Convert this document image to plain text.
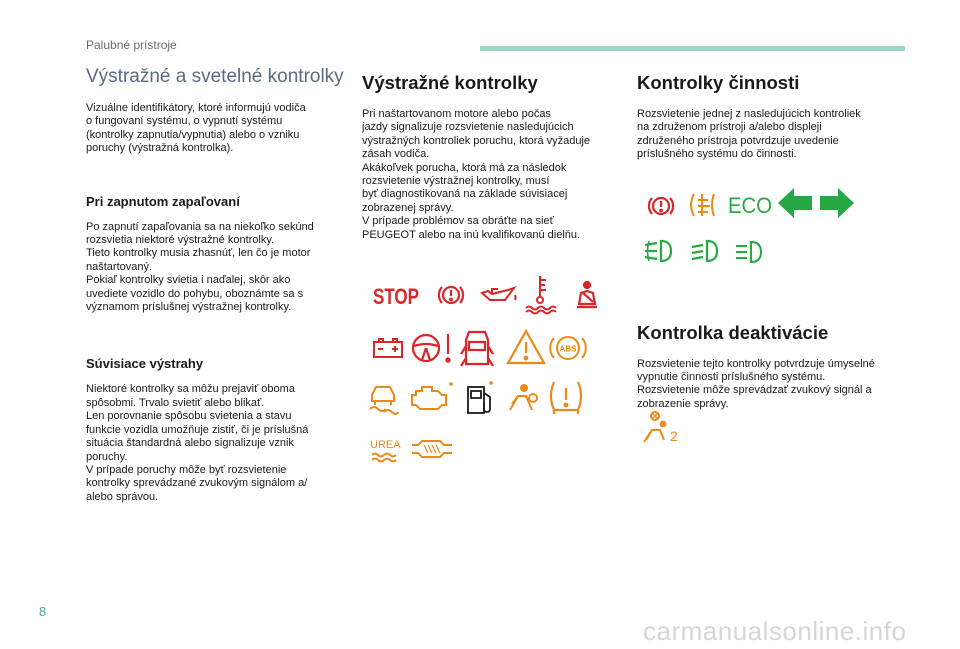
Palubné prístroje
Výstražné a svetelné kontrolky

Vizuálne identifikátory, ktoré informujú vodiča
o fungovaní systému, o vypnutí systému
(kontrolky zapnutia/vypnutia) alebo o vzniku
poruchy (výstražná kontrolka).

Pri zapnutom zapaľovaní

Po zapnutí zapaľovania sa na niekoľko sekúnd
rozsvietia niektoré výstražné kontrolky.
Tieto kontrolky musia zhasnúť, len čo je motor
naštartovaný.
Pokiaľ kontrolky svietia i naďalej, skôr ako
uvediete vozidlo do pohybu, oboznámte sa s
významom príslušnej výstražnej kontrolky.

Súvisiace výstrahy

Niektoré kontrolky sa môžu prejaviť oboma
spôsobmi. Trvalo svietiť alebo blikať.
Len porovnanie spôsobu svietenia a stavu
funkcie vozidla umožňuje zistiť, či je príslušná
situácia štandardná alebo signalizuje vznik
poruchy.
V prípade poruchy môže byť rozsvietenie
kontrolky sprevádzané zvukovým signálom a/
alebo správou.

Výstražné kontrolky

Pri naštartovanom motore alebo počas
jazdy signalizuje rozsvietenie nasledujúcich
výstražných kontroliek poruchu, ktorá vyžaduje
zásah vodiča.
Akákoľvek porucha, ktorá má za následok
rozsvietenie výstražnej kontrolky, musí
byť diagnostikovaná na základe súvisiacej
zobrazenej správy.
V prípade problémov sa obráťte na sieť
PEUGEOT alebo na inú kvalifikovanú dielňu.

STOP
ABS
UREA
Kontrolky činnosti

Rozsvietenie jednej z nasledujúcich kontroliek
na združenom prístroji a/alebo displeji
združeného prístroja potvrdzuje uvedenie
príslušného systému do činnosti.

Kontrolka deaktivácie

Rozsvietenie tejto kontrolky potvrdzuje úmyselné
vypnutie činnosti príslušného systému.
Rozsvietenie môže sprevádzať zvukový signál a
zobrazenie správy.

ECO
2
8
carmanualsonline.info
